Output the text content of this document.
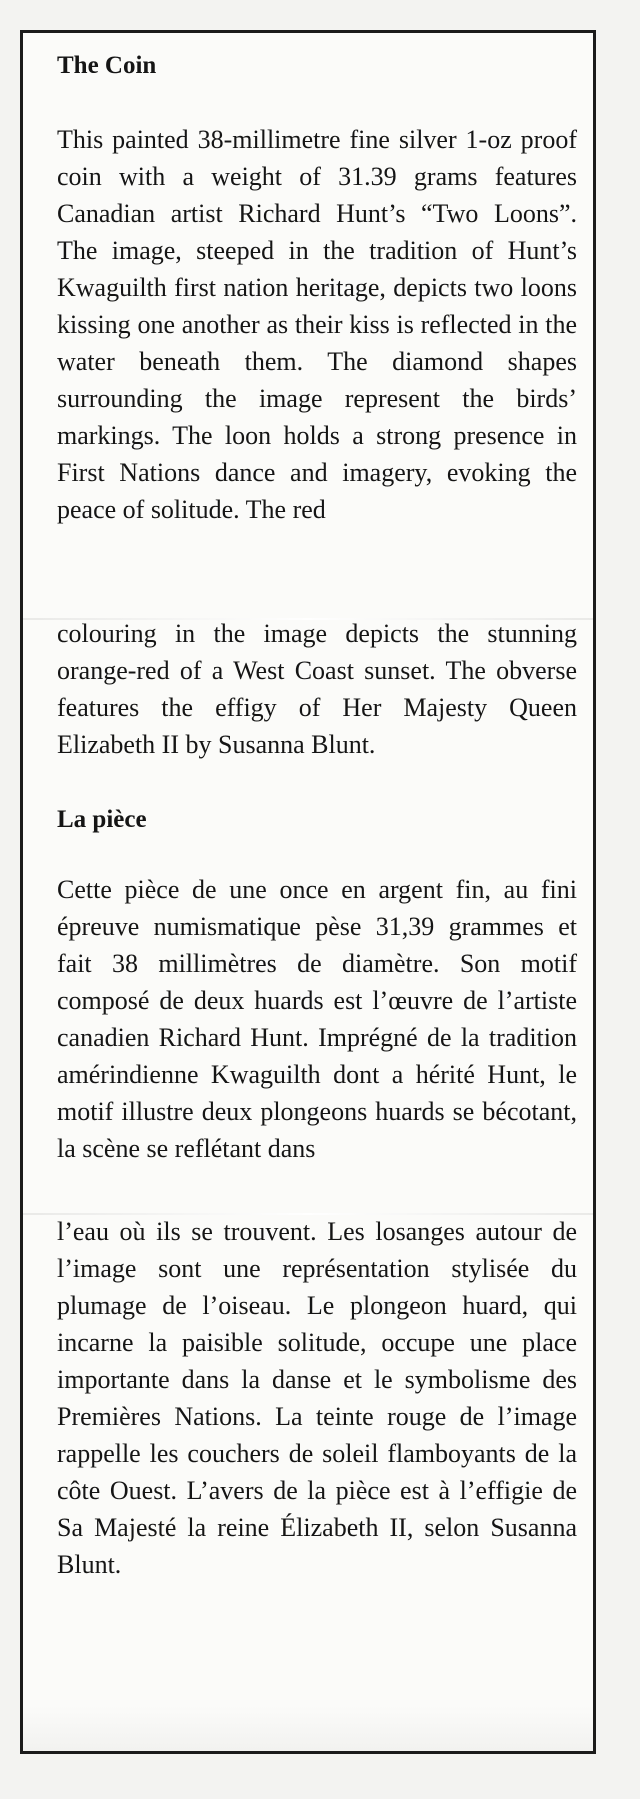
The Coin

This painted 38-millimetre fine silver 1-oz proof coin with a weight of 31.39 grams features Canadian artist Richard Hunt’s “Two Loons”. The image, steeped in the tradition of Hunt’s Kwaguilth first nation heritage, depicts two loons kissing one another as their kiss is reflected in the water beneath them. The diamond shapes surrounding the image represent the birds’ markings. The loon holds a strong presence in First Nations dance and imagery, evoking the peace of solitude. The red

colouring in the image depicts the stunning orange-red of a West Coast sunset. The obverse features the effigy of Her Majesty Queen Elizabeth II by Susanna Blunt.

La pièce

Cette pièce de une once en argent fin, au fini épreuve numismatique pèse 31,39 grammes et fait 38 millimètres de diamètre. Son motif composé de deux huards est l’œuvre de l’artiste canadien Richard Hunt. Imprégné de la tradition amérindienne Kwaguilth dont a hérité Hunt, le motif illustre deux plongeons huards se bécotant, la scène se reflétant dans

l’eau où ils se trouvent. Les losanges autour de l’image sont une représentation stylisée du plumage de l’oiseau. Le plongeon huard, qui incarne la paisible solitude, occupe une place importante dans la danse et le symbolisme des Premières Nations. La teinte rouge de l’image rappelle les couchers de soleil flamboyants de la côte Ouest. L’avers de la pièce est à l’effigie de Sa Majesté la reine Élizabeth II, selon Susanna Blunt.
